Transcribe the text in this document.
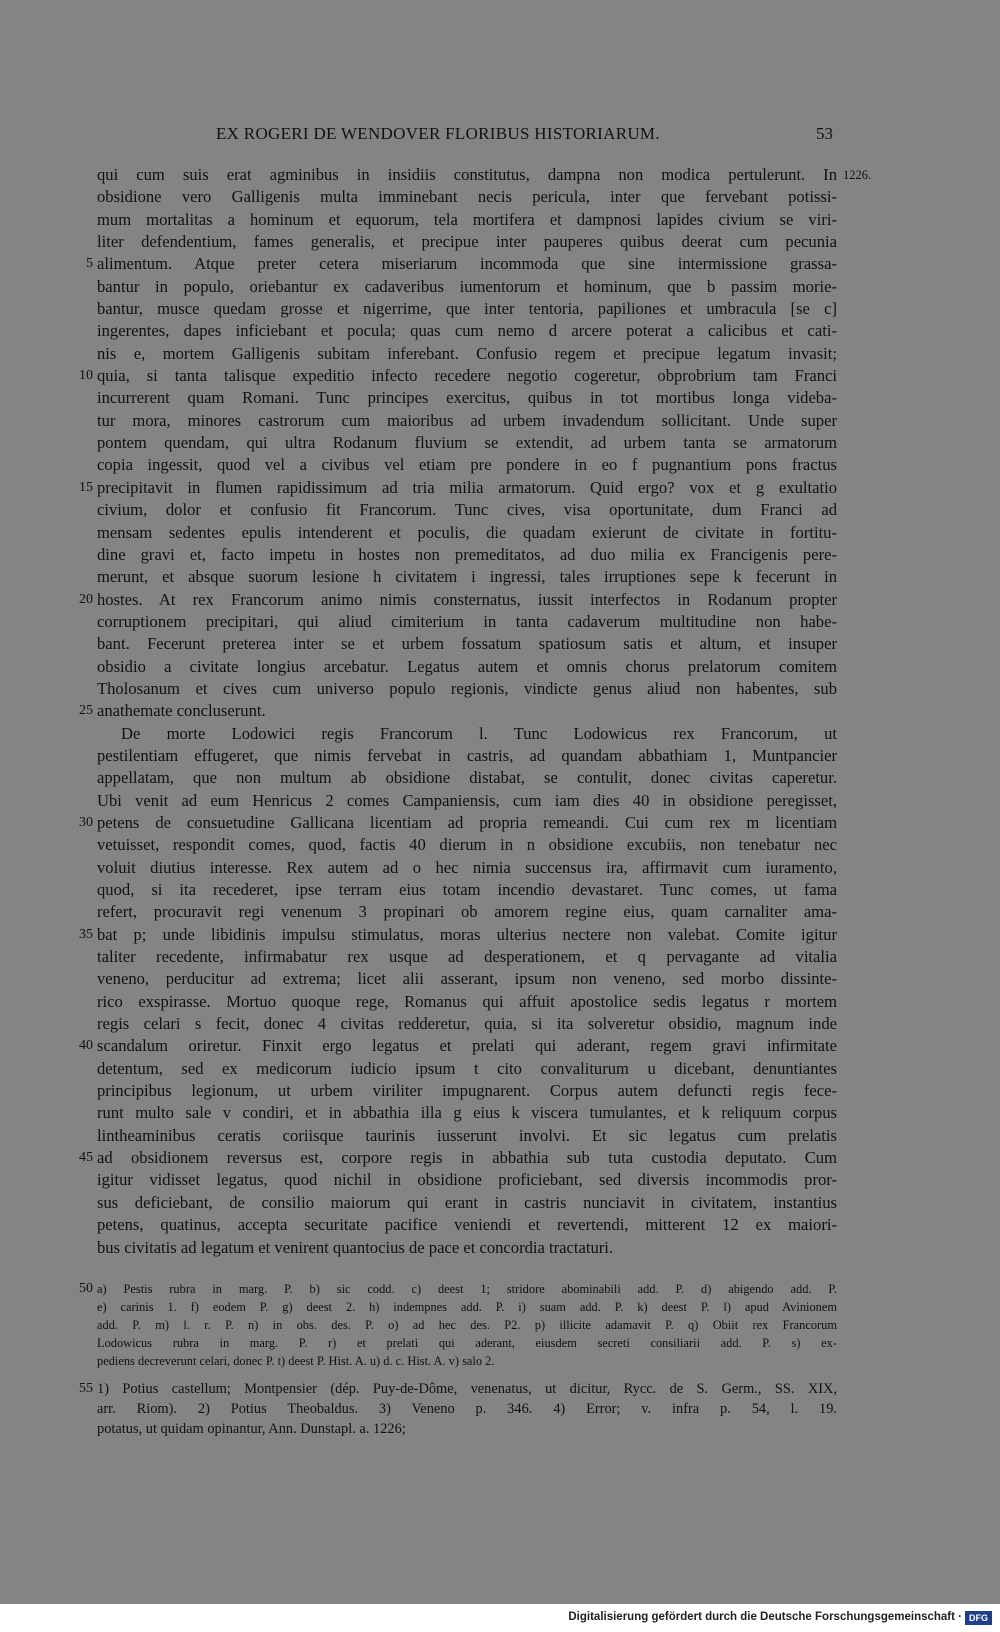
EX ROGERI DE WENDOVER FLORIBUS HISTORIARUM.	53
qui cum suis erat agminibus in insidiis constitutus, dampna non modica pertulerunt. In 1226.
obsidione vero Galligenis multa imminebant necis pericula, inter que fervebant potissi-
mum mortalitas a hominum et equorum, tela mortifera et dampnosi lapides civium se viri-
liter defendentium, fames generalis, et precipue inter pauperes quibus deerat cum pecunia
5 alimentum. Atque preter cetera miseriarum incommoda que sine intermissione grassa-
bantur in populo, oriebantur ex cadaveribus iumentorum et hominum, que b passim morie-
bantur, musce quedam grosse et nigerrime, que inter tentoria, papiliones et umbracula [se c]
ingerentes, dapes inficiebant et pocula; quas cum nemo d arcere poterat a calicibus et cati-
nis e, mortem Galligenis subitam inferebant. Confusio regem et precipue legatum invasit;
10 quia, si tanta talisque expeditio infecto recedere negotio cogeretur, obprobrium tam Franci
incurrerent quam Romani. Tunc principes exercitus, quibus in tot mortibus longa videba-
tur mora, minores castrorum cum maioribus ad urbem invadendum sollicitant. Unde super
pontem quendam, qui ultra Rodanum fluvium se extendit, ad urbem tanta se armatorum
copia ingessit, quod vel a civibus vel etiam pre pondere in eo f pugnantium pons fractus
15 precipitavit in flumen rapidissimum ad tria milia armatorum. Quid ergo? vox et g exultatio
civium, dolor et confusio fit Francorum. Tunc cives, visa oportunitate, dum Franci ad
mensam sedentes epulis intenderent et poculis, die quadam exierunt de civitate in fortitu-
dine gravi et, facto impetu in hostes non premeditatos, ad duo milia ex Francigenis pere-
merunt, et absque suorum lesione h civitatem i ingressi, tales irruptiones sepe k fecerunt in
20 hostes. At rex Francorum animo nimis consternatus, iussit interfectos in Rodanum propter
corruptionem precipitari, qui aliud cimiterium in tanta cadaverum multitudine non habe-
bant. Fecerunt preterea inter se et urbem fossatum spatiosum satis et altum, et insuper
obsidio a civitate longius arcebatur. Legatus autem et omnis chorus prelatorum comitem
Tholosanum et cives cum universo populo regionis, vindicte genus aliud non habentes, sub
25 anathemate concluserunt.
De morte Lodowici regis Francorum l. Tunc Lodowicus rex Francorum, ut
pestilentiam effugeret, que nimis fervebat in castris, ad quandam abbathiam 1, Muntpancier
appellatam, que non multum ab obsidione distabat, se contulit, donec civitas caperetur.
Ubi venit ad eum Henricus 2 comes Campaniensis, cum iam dies 40 in obsidione peregisset,
30 petens de consuetudine Gallicana licentiam ad propria remeandi. Cui cum rex m licentiam
vetuisset, respondit comes, quod, factis 40 dierum in n obsidione excubiis, non tenebatur nec
voluit diutius interesse. Rex autem ad o hec nimia succensus ira, affirmavit cum iuramento,
quod, si ita recederet, ipse terram eius totam incendio devastaret. Tunc comes, ut fama
refert, procuravit regi venenum 3 propinari ob amorem regine eius, quam carnaliter ama-
35 bat p; unde libidinis impulsu stimulatus, moras ulterius nectere non valebat. Comite igitur
taliter recedente, infirmabatur rex usque ad desperationem, et q pervagante ad vitalia
veneno, perducitur ad extrema; licet alii asserant, ipsum non veneno, sed morbo dissinte-
rico exspirasse. Mortuo quoque rege, Romanus qui affuit apostolice sedis legatus r mortem
regis celari s fecit, donec 4 civitas redderetur, quia, si ita solveretur obsidio, magnum inde
40 scandalum oriretur. Finxit ergo legatus et prelati qui aderant, regem gravi infirmitate
detentum, sed ex medicorum iudicio ipsum t cito convaliturum u dicebant, denuntiantes
principibus legionum, ut urbem viriliter impugnarent. Corpus autem defuncti regis fece-
runt multo sale v condiri, et in abbathia illa g eius k viscera tumulantes, et k reliquum corpus
lintheaminibus ceratis coriisque taurinis iusserunt involvi. Et sic legatus cum prelatis
45 ad obsidionem reversus est, corpore regis in abbathia sub tuta custodia deputato. Cum
igitur vidisset legatus, quod nichil in obsidione proficiebant, sed diversis incommodis pror-
sus deficiebant, de consilio maiorum qui erant in castris nunciavit in civitatem, instantius
petens, quatinus, accepta securitate pacifice veniendi et revertendi, mitterent 12 ex maiori-
bus civitatis ad legatum et venirent quantocius de pace et concordia tractaturi.
50 a) Pestis rubra in marg. P. b) sic codd. c) deest 1; stridore abominabili add. P. d) abigendo add. P.
e) carinis 1. f) eodem P. g) deest 2. h) indempnes add. P. i) suam add. P. k) deest P. l) apud Avinionem
add. P. m) l. r. P. n) in obs. des. P. o) ad hec des. P2. p) illicite adamavit P. q) Obiit rex Francorum
Lodowicus rubra in marg. P. r) et prelati qui aderant, eiusdem secreti consiliarii add. P. s) ex-
pediens decreverunt celari, donec P. t) deest P. Hist. A. u) d. c. Hist. A. v) salo 2.
55 1) Potius castellum; Montpensier (dép. Puy-de-Dôme, venenatus, ut dicitur, Rycc. de S. Germ., SS. XIX,
arr. Riom). 2) Potius Theobaldus. 3) Veneno p. 346. 4) Error; v. infra p. 54, l. 19.
potatus, ut quidam opinantur, Ann. Dunstapl. a. 1226;
Digitalisierung gefördert durch die Deutsche Forschungsgemeinschaft · DFG
